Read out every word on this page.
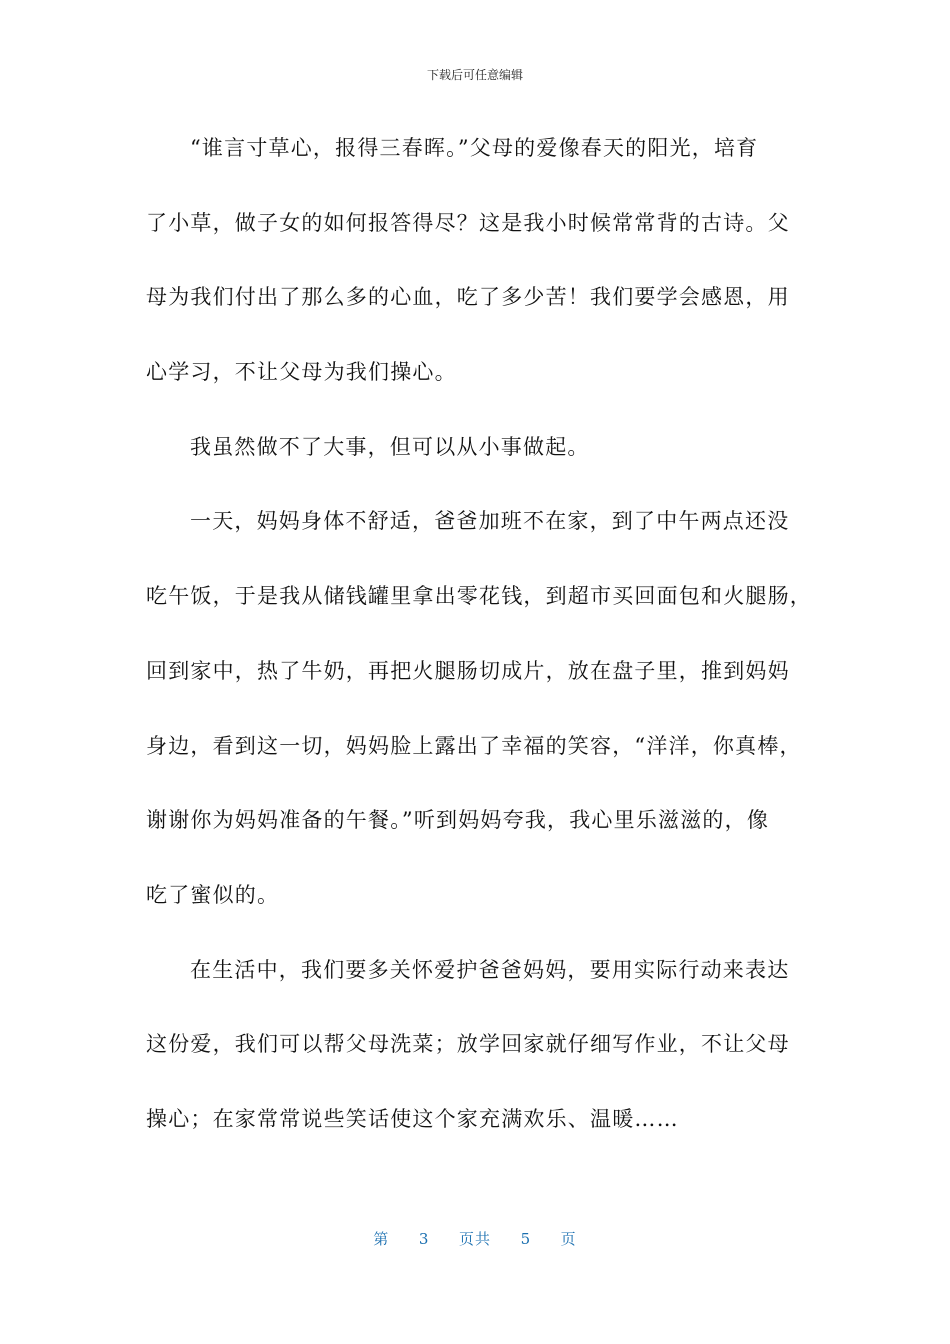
下载后可任意编辑
“谁言寸草心，报得三春晖。”父母的爱像春天的阳光，培育
了小草，做子女的如何报答得尽？这是我小时候常常背的古诗。父
母为我们付出了那么多的心血，吃了多少苦！我们要学会感恩，用
心学习，不让父母为我们操心。
我虽然做不了大事，但可以从小事做起。
一天，妈妈身体不舒适，爸爸加班不在家，到了中午两点还没
吃午饭，于是我从储钱罐里拿出零花钱，到超市买回面包和火腿肠，
回到家中，热了牛奶，再把火腿肠切成片，放在盘子里，推到妈妈
身边，看到这一切，妈妈脸上露出了幸福的笑容，“洋洋，你真棒，
谢谢你为妈妈准备的午餐。”听到妈妈夸我，我心里乐滋滋的，像
吃了蜜似的。
在生活中，我们要多关怀爱护爸爸妈妈，要用实际行动来表达
这份爱，我们可以帮父母洗菜；放学回家就仔细写作业，不让父母
操心；在家常常说些笑话使这个家充满欢乐、温暖……
第 3 页共 5 页
